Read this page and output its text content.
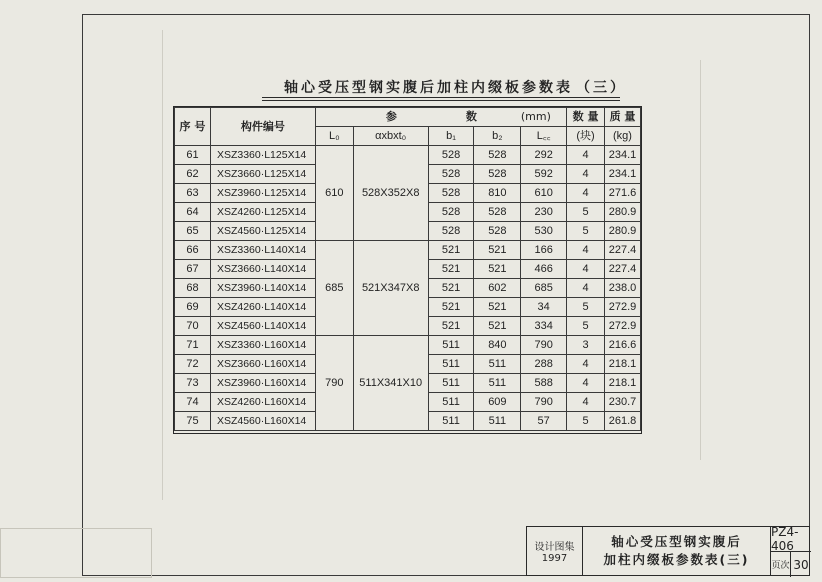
轴心受压型钢实腹后加柱内缀板参数表 （三）
序 号	构件编号	参 数 (mm)					数 量	质 量
		L₀	αxbxt₀	b₁	b₂	L꜀꜀	(块)	(kg)
61	XSZ3360·L125X14	610	528X352X8	528	528	292	4	234.1
62	XSZ3660·L125X14			528	528	592	4	234.1
63	XSZ3960·L125X14			528	810	610	4	271.6
64	XSZ4260·L125X14			528	528	230	5	280.9
65	XSZ4560·L125X14			528	528	530	5	280.9
66	XSZ3360·L140X14	685	521X347X8	521	521	166	4	227.4
67	XSZ3660·L140X14			521	521	466	4	227.4
68	XSZ3960·L140X14			521	602	685	4	238.0
69	XSZ4260·L140X14			521	521	34	5	272.9
70	XSZ4560·L140X14			521	521	334	5	272.9
71	XSZ3360·L160X14	790	511X341X10	511	840	790	3	216.6
72	XSZ3660·L160X14			511	511	288	4	218.1
73	XSZ3960·L160X14			511	511	588	4	218.1
74	XSZ4260·L160X14			511	609	790	4	230.7
75	XSZ4560·L160X14			511	511	57	5	261.8
设计图集
1997
轴心受压型钢实腹后
加柱内缀板参数表(三)
PZ4-406
页次 30
